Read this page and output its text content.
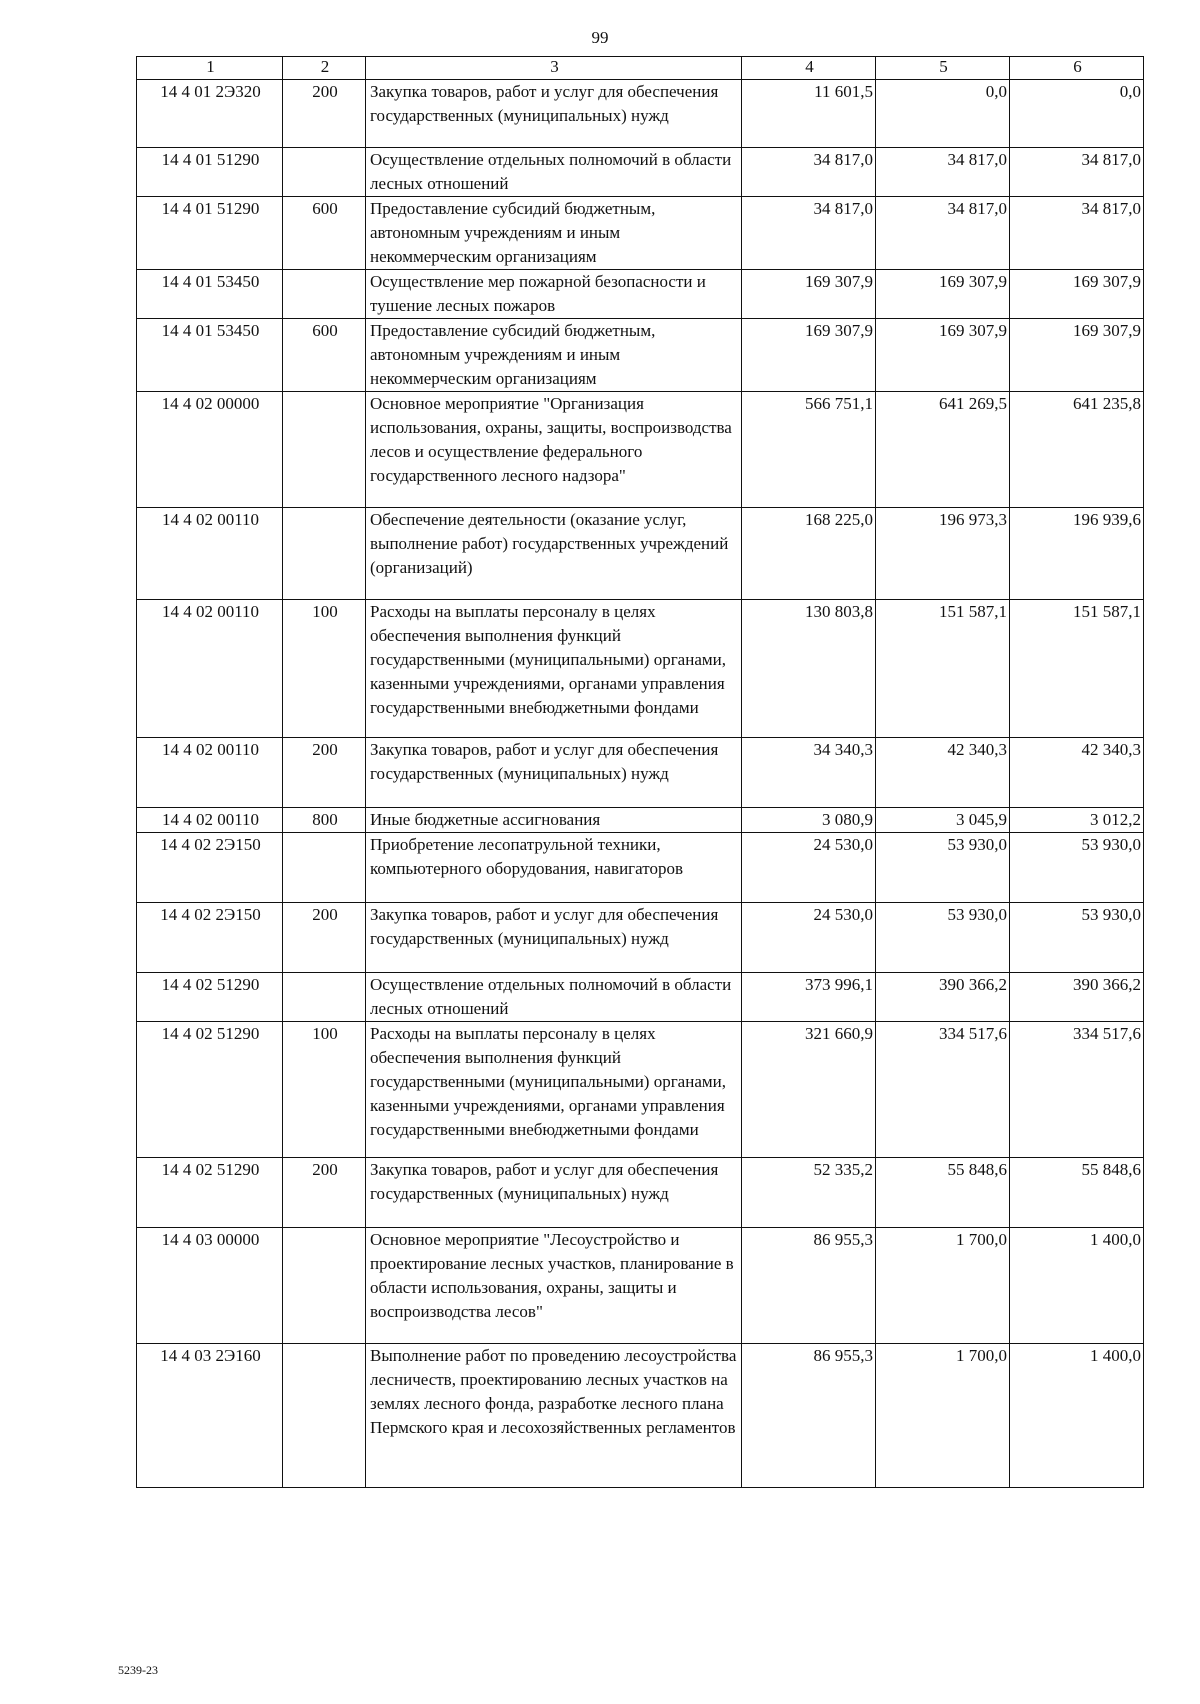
99
1	2	3	4	5	6
14 4 01 2Э320	200	Закупка товаров, работ и услуг для обеспечения государственных (муниципальных) нужд	11 601,5	0,0	0,0
14 4 01 51290		Осуществление отдельных полномочий в области лесных отношений	34 817,0	34 817,0	34 817,0
14 4 01 51290	600	Предоставление субсидий бюджетным, автономным учреждениям и иным некоммерческим организациям	34 817,0	34 817,0	34 817,0
14 4 01 53450		Осуществление мер пожарной безопасности и тушение лесных пожаров	169 307,9	169 307,9	169 307,9
14 4 01 53450	600	Предоставление субсидий бюджетным, автономным учреждениям и иным некоммерческим организациям	169 307,9	169 307,9	169 307,9
14 4 02 00000		Основное мероприятие "Организация использования, охраны, защиты, воспроизводства лесов и осуществление федерального государственного лесного надзора"	566 751,1	641 269,5	641 235,8
14 4 02 00110		Обеспечение деятельности (оказание услуг, выполнение работ) государственных учреждений (организаций)	168 225,0	196 973,3	196 939,6
14 4 02 00110	100	Расходы на выплаты персоналу в целях обеспечения выполнения функций государственными (муниципальными) органами, казенными учреждениями, органами управления государственными внебюджетными фондами	130 803,8	151 587,1	151 587,1
14 4 02 00110	200	Закупка товаров, работ и услуг для обеспечения государственных (муниципальных) нужд	34 340,3	42 340,3	42 340,3
14 4 02 00110	800	Иные бюджетные ассигнования	3 080,9	3 045,9	3 012,2
14 4 02 2Э150		Приобретение лесопатрульной техники, компьютерного оборудования, навигаторов	24 530,0	53 930,0	53 930,0
14 4 02 2Э150	200	Закупка товаров, работ и услуг для обеспечения государственных (муниципальных) нужд	24 530,0	53 930,0	53 930,0
14 4 02 51290		Осуществление отдельных полномочий в области лесных отношений	373 996,1	390 366,2	390 366,2
14 4 02 51290	100	Расходы на выплаты персоналу в целях обеспечения выполнения функций государственными (муниципальными) органами, казенными учреждениями, органами управления государственными внебюджетными фондами	321 660,9	334 517,6	334 517,6
14 4 02 51290	200	Закупка товаров, работ и услуг для обеспечения государственных (муниципальных) нужд	52 335,2	55 848,6	55 848,6
14 4 03 00000		Основное мероприятие "Лесоустройство и проектирование лесных участков, планирование в области использования, охраны, защиты и воспроизводства лесов"	86 955,3	1 700,0	1 400,0
14 4 03 2Э160		Выполнение работ по проведению лесоустройства лесничеств, проектированию лесных участков на землях лесного фонда, разработке лесного плана Пермского края и лесохозяйственных регламентов	86 955,3	1 700,0	1 400,0
5239-23
